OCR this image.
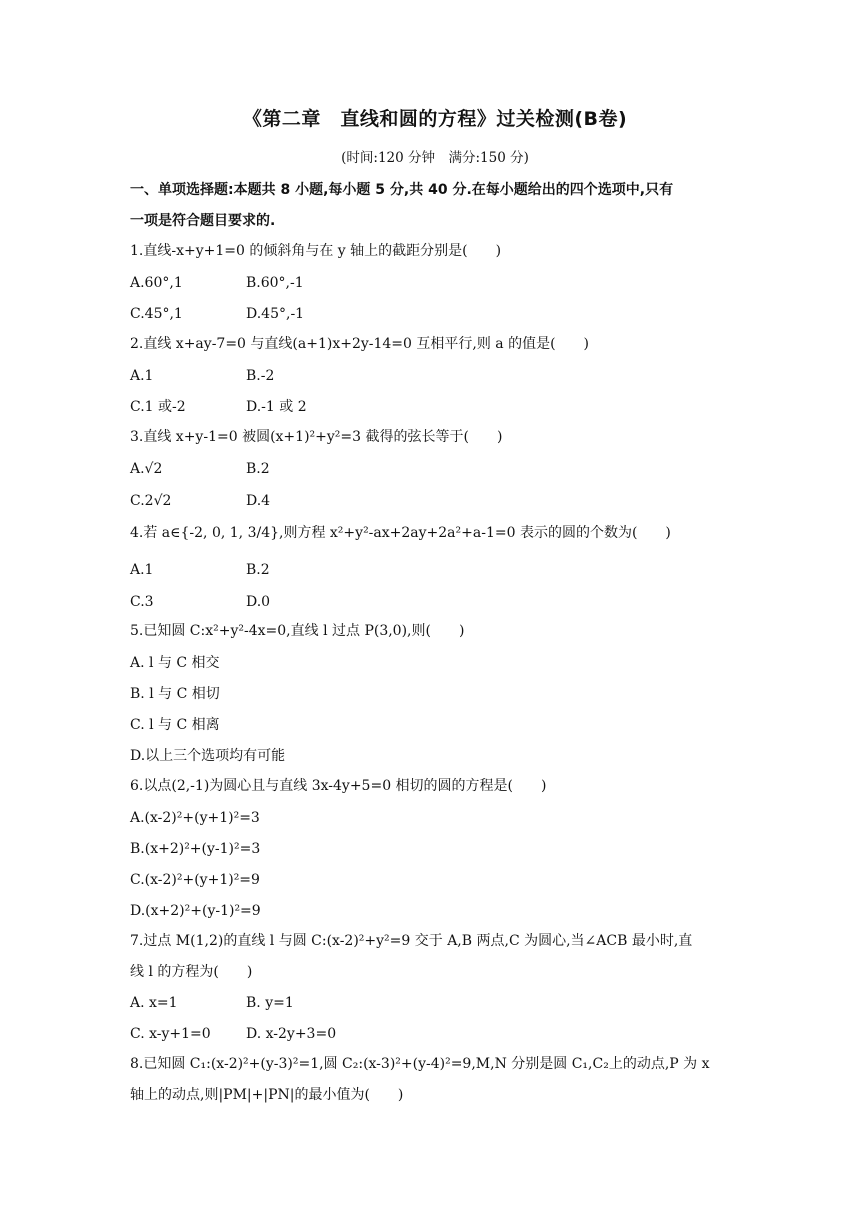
《第二章　直线和圆的方程》过关检测(B卷)
(时间:120 分钟　满分:150 分)
一、单项选择题:本题共 8 小题,每小题 5 分,共 40 分.在每小题给出的四个选项中,只有
一项是符合题目要求的.
1.直线-x+y+1=0 的倾斜角与在 y 轴上的截距分别是(　　)
A.60°,1	B.60°,-1
C.45°,1	D.45°,-1
2.直线 x+ay-7=0 与直线(a+1)x+2y-14=0 互相平行,则 a 的值是(　　)
A.1	B.-2
C.1 或-2	D.-1 或 2
3.直线 x+y-1=0 被圆(x+1)²+y²=3 截得的弦长等于(　　)
A.√2	B.2
C.2√2	D.4
4.若 a∈{-2, 0, 1, 3/4},则方程 x²+y²-ax+2ay+2a²+a-1=0 表示的圆的个数为(　　)
A.1	B.2
C.3	D.0
5.已知圆 C:x²+y²-4x=0,直线 l 过点 P(3,0),则(　　)
A. l 与 C 相交
B. l 与 C 相切
C. l 与 C 相离
D.以上三个选项均有可能
6.以点(2,-1)为圆心且与直线 3x-4y+5=0 相切的圆的方程是(　　)
A.(x-2)²+(y+1)²=3
B.(x+2)²+(y-1)²=3
C.(x-2)²+(y+1)²=9
D.(x+2)²+(y-1)²=9
7.过点 M(1,2)的直线 l 与圆 C:(x-2)²+y²=9 交于 A,B 两点,C 为圆心,当∠ACB 最小时,直
线 l 的方程为(　　)
A. x=1	B. y=1
C. x-y+1=0	D. x-2y+3=0
8.已知圆 C₁:(x-2)²+(y-3)²=1,圆 C₂:(x-3)²+(y-4)²=9,M,N 分别是圆 C₁,C₂上的动点,P 为 x
轴上的动点,则|PM|+|PN|的最小值为(　　)
